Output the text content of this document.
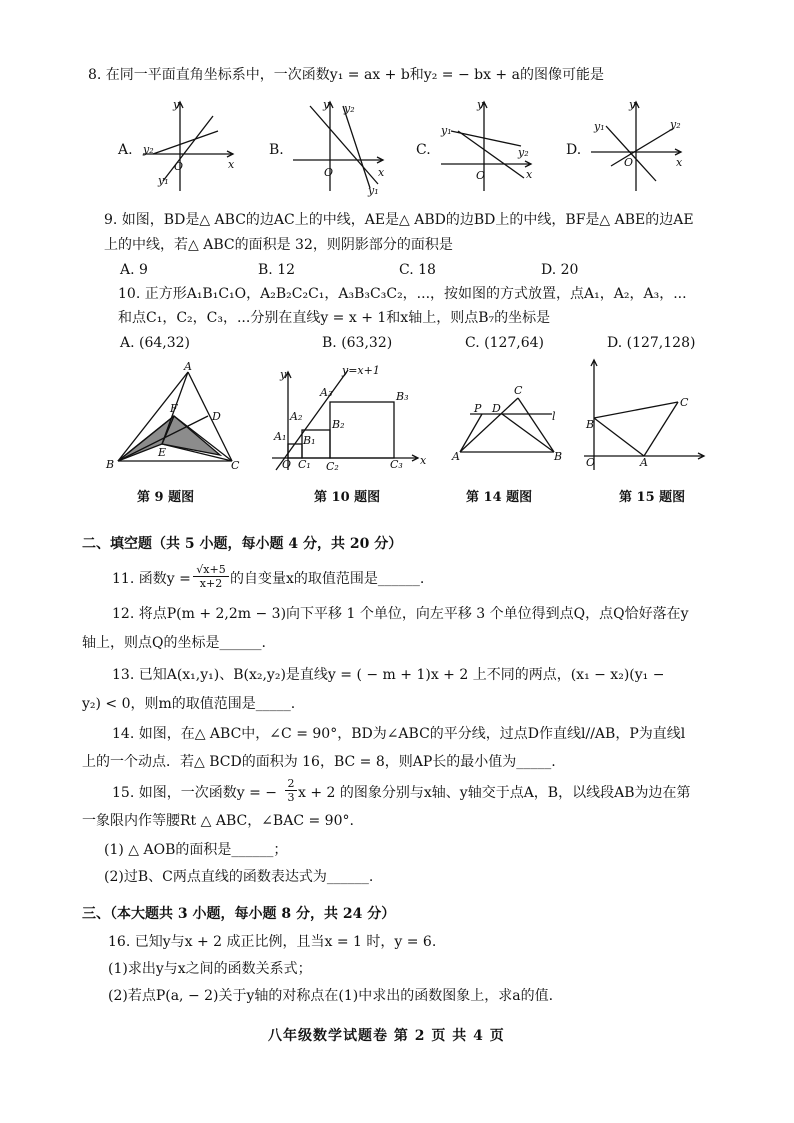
8. 在同一平面直角坐标系中，一次函数y₁ = ax + b和y₂ = − bx + a的图像可能是
A.	B.	C.	D.
y
x
O
y₂
y₁
y
x
O
y₂
y₁
y
x
O
y₁
y₂
y
x
O
y₁	y₂
9. 如图，BD是△ ABC的边AC上的中线，AE是△ ABD的边BD上的中线，BF是△ ABE的边AE
上的中线，若△ ABC的面积是 32，则阴影部分的面积是
A. 9	B. 12	C. 18	D. 20
10. 正方形A₁B₁C₁O，A₂B₂C₂C₁，A₃B₃C₃C₂，...，按如图的方式放置，点A₁，A₂，A₃，...
和点C₁，C₂，C₃，...分别在直线y = x + 1和x轴上，则点B₇的坐标是
A. (64,32)	B. (63,32)	C. (127,64)	D. (127,128)
A
B	C
D
E
F
O C₁ C₂	C₃
A₁ B₁
A₂
B₂
A₃	B₃
x
y	y=x+1
A	B
C
P D
l
O
B
A
C
第 9 题图	第 10 题图	第 14 题图	第 15 题图
二、填空题（共 5 小题，每小题 4 分，共 20 分）
11. 函数$y = \frac{√x+5}{x+2}$ 的自变量x的取值范围是______.
12. 将点P(m + 2,2m − 3)向下平移 1 个单位，向左平移 3 个单位得到点Q，点Q恰好落在y
轴上，则点Q的坐标是______.
13. 已知A(x₁,y₁)、B(x₂,y₂)是直线y = ( − m + 1)x + 2 上不同的两点，(x₁ − x₂)(y₁ −
y₂) < 0，则m的取值范围是_____.
14. 如图，在△ ABC中，∠C = 90°，BD为∠ABC的平分线，过点D作直线l//AB，P为直线l
上的一个动点．若△ BCD的面积为 16，BC = 8，则AP长的最小值为_____.
15. 如图，一次函数y = − $\frac{2}{3}$ x + 2 的图象分别与x轴、y轴交于点A，B，以线段AB为边在第
一象限内作等腰Rt △ ABC，∠BAC = 90°.
(1) △ AOB的面积是______；
(2)过B、C两点直线的函数表达式为______.
三、（本大题共 3 小题，每小题 8 分，共 24 分）
16. 已知y与x + 2 成正比例，且当x = 1 时，y = 6.
(1)求出y与x之间的函数关系式；
(2)若点P(a, − 2)关于y轴的对称点在(1)中求出的函数图象上，求a的值.
八年级数学试题卷 第 2 页 共 4 页
